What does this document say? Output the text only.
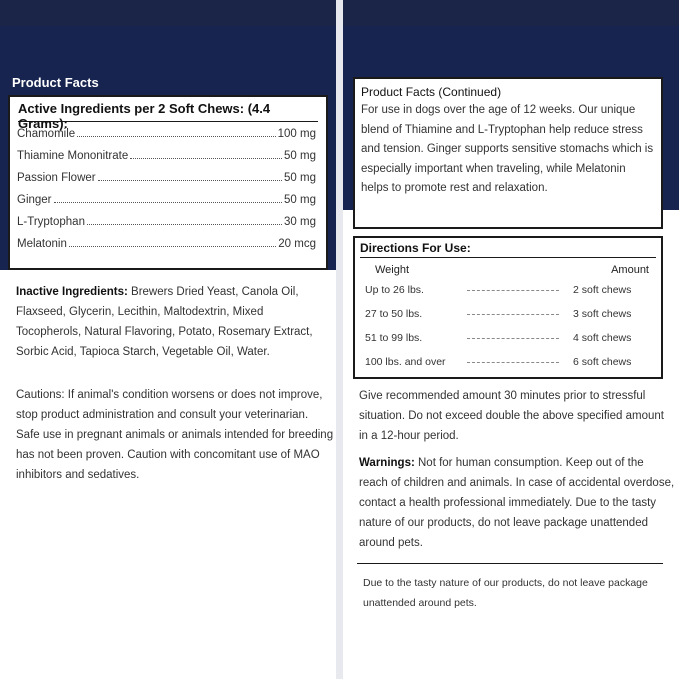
Product Facts
Active Ingredients per 2 Soft Chews: (4.4 Grams):
Chamomile	100 mg
Thiamine Mononitrate	50 mg
Passion Flower	50 mg
Ginger	50 mg
L-Tryptophan	30 mg
Melatonin	20 mcg
Inactive Ingredients: Brewers Dried Yeast, Canola Oil, Flaxseed, Glycerin, Lecithin, Maltodextrin, Mixed Tocopherols, Natural Flavoring, Potato, Rosemary Extract, Sorbic Acid, Tapioca Starch, Vegetable Oil, Water.
Cautions: If animal's condition worsens or does not improve, stop product administration and consult your veterinarian. Safe use in pregnant animals or animals intended for breeding has not been proven. Caution with concomitant use of MAO inhibitors and sedatives.
Product Facts (Continued)
For use in dogs over the age of 12 weeks. Our unique blend of Thiamine and L-Tryptophan help reduce stress and tension. Ginger supports sensitive stomachs which is especially important when traveling, while Melatonin helps to promote rest and relaxation.
Directions For Use:
Weight	Amount
Up to 26 lbs.	2 soft chews
27 to 50 lbs.	3 soft chews
51 to 99 lbs.	4 soft chews
100 lbs. and over	6 soft chews
Give recommended amount 30 minutes prior to stressful situation. Do not exceed double the above specified amount in a 12-hour period.
Warnings: Not for human consumption. Keep out of the reach of children and animals. In case of accidental overdose, contact a health professional immediately. Due to the tasty nature of our products, do not leave package unattended around pets.
Due to the tasty nature of our products, do not leave package unattended around pets.
